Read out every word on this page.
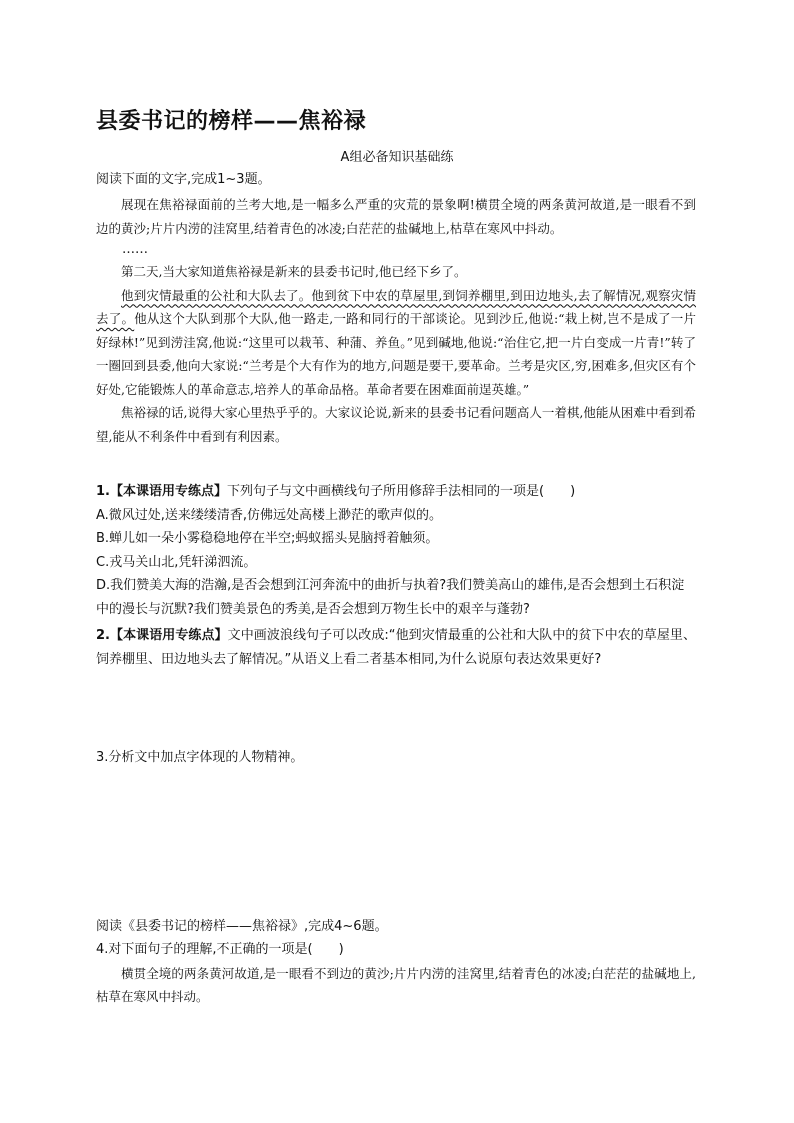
县委书记的榜样——焦裕禄

A组必备知识基础练

阅读下面的文字,完成1~3题。

展现在焦裕禄面前的兰考大地,是一幅多么严重的灾荒的景象啊!横贯全境的两条黄河故道,是一眼看不到边的黄沙;片片内涝的洼窝里,结着青色的冰凌;白茫茫的盐碱地上,枯草在寒风中抖动。

……

第二天,当大家知道焦裕禄是新来的县委书记时,他已经下乡了。

他到灾情最重的公社和大队去了。他到贫下中农的草屋里,到饲养棚里,到田边地头,去了解情况,观察灾情去了。他从这个大队到那个大队,他一路走,一路和同行的干部谈论。见到沙丘,他说:“栽上树,岂不是成了一片好绿林!”见到涝洼窝,他说:“这里可以栽苇、种蒲、养鱼。”见到碱地,他说:“治住它,把一片白变成一片青!”转了一圈回到县委,他向大家说:“兰考是个大有作为的地方,问题是要干,要革命。兰考是灾区,穷,困难多,但灾区有个好处,它能锻炼人的革命意志,培养人的革命品格。革命者要在困难面前逞英雄。”

焦裕禄的话,说得大家心里热乎乎的。大家议论说,新来的县委书记看问题高人一着棋,他能从困难中看到希望,能从不利条件中看到有利因素。

1.【本课语用专练点】下列句子与文中画横线句子所用修辞手法相同的一项是( )

A.微风过处,送来缕缕清香,仿佛远处高楼上渺茫的歌声似的。

B.蝉儿如一朵小雾稳稳地停在半空;蚂蚁摇头晃脑捋着触须。

C.戎马关山北,凭轩涕泗流。

D.我们赞美大海的浩瀚,是否会想到江河奔流中的曲折与执着?我们赞美高山的雄伟,是否会想到土石积淀中的漫长与沉默?我们赞美景色的秀美,是否会想到万物生长中的艰辛与蓬勃?

2.【本课语用专练点】文中画波浪线句子可以改成:“他到灾情最重的公社和大队中的贫下中农的草屋里、饲养棚里、田边地头去了解情况。”从语义上看二者基本相同,为什么说原句表达效果更好?

3.分析文中加点字体现的人物精神。

阅读《县委书记的榜样——焦裕禄》,完成4~6题。

4.对下面句子的理解,不正确的一项是( )

横贯全境的两条黄河故道,是一眼看不到边的黄沙;片片内涝的洼窝里,结着青色的冰凌;白茫茫的盐碱地上,枯草在寒风中抖动。
